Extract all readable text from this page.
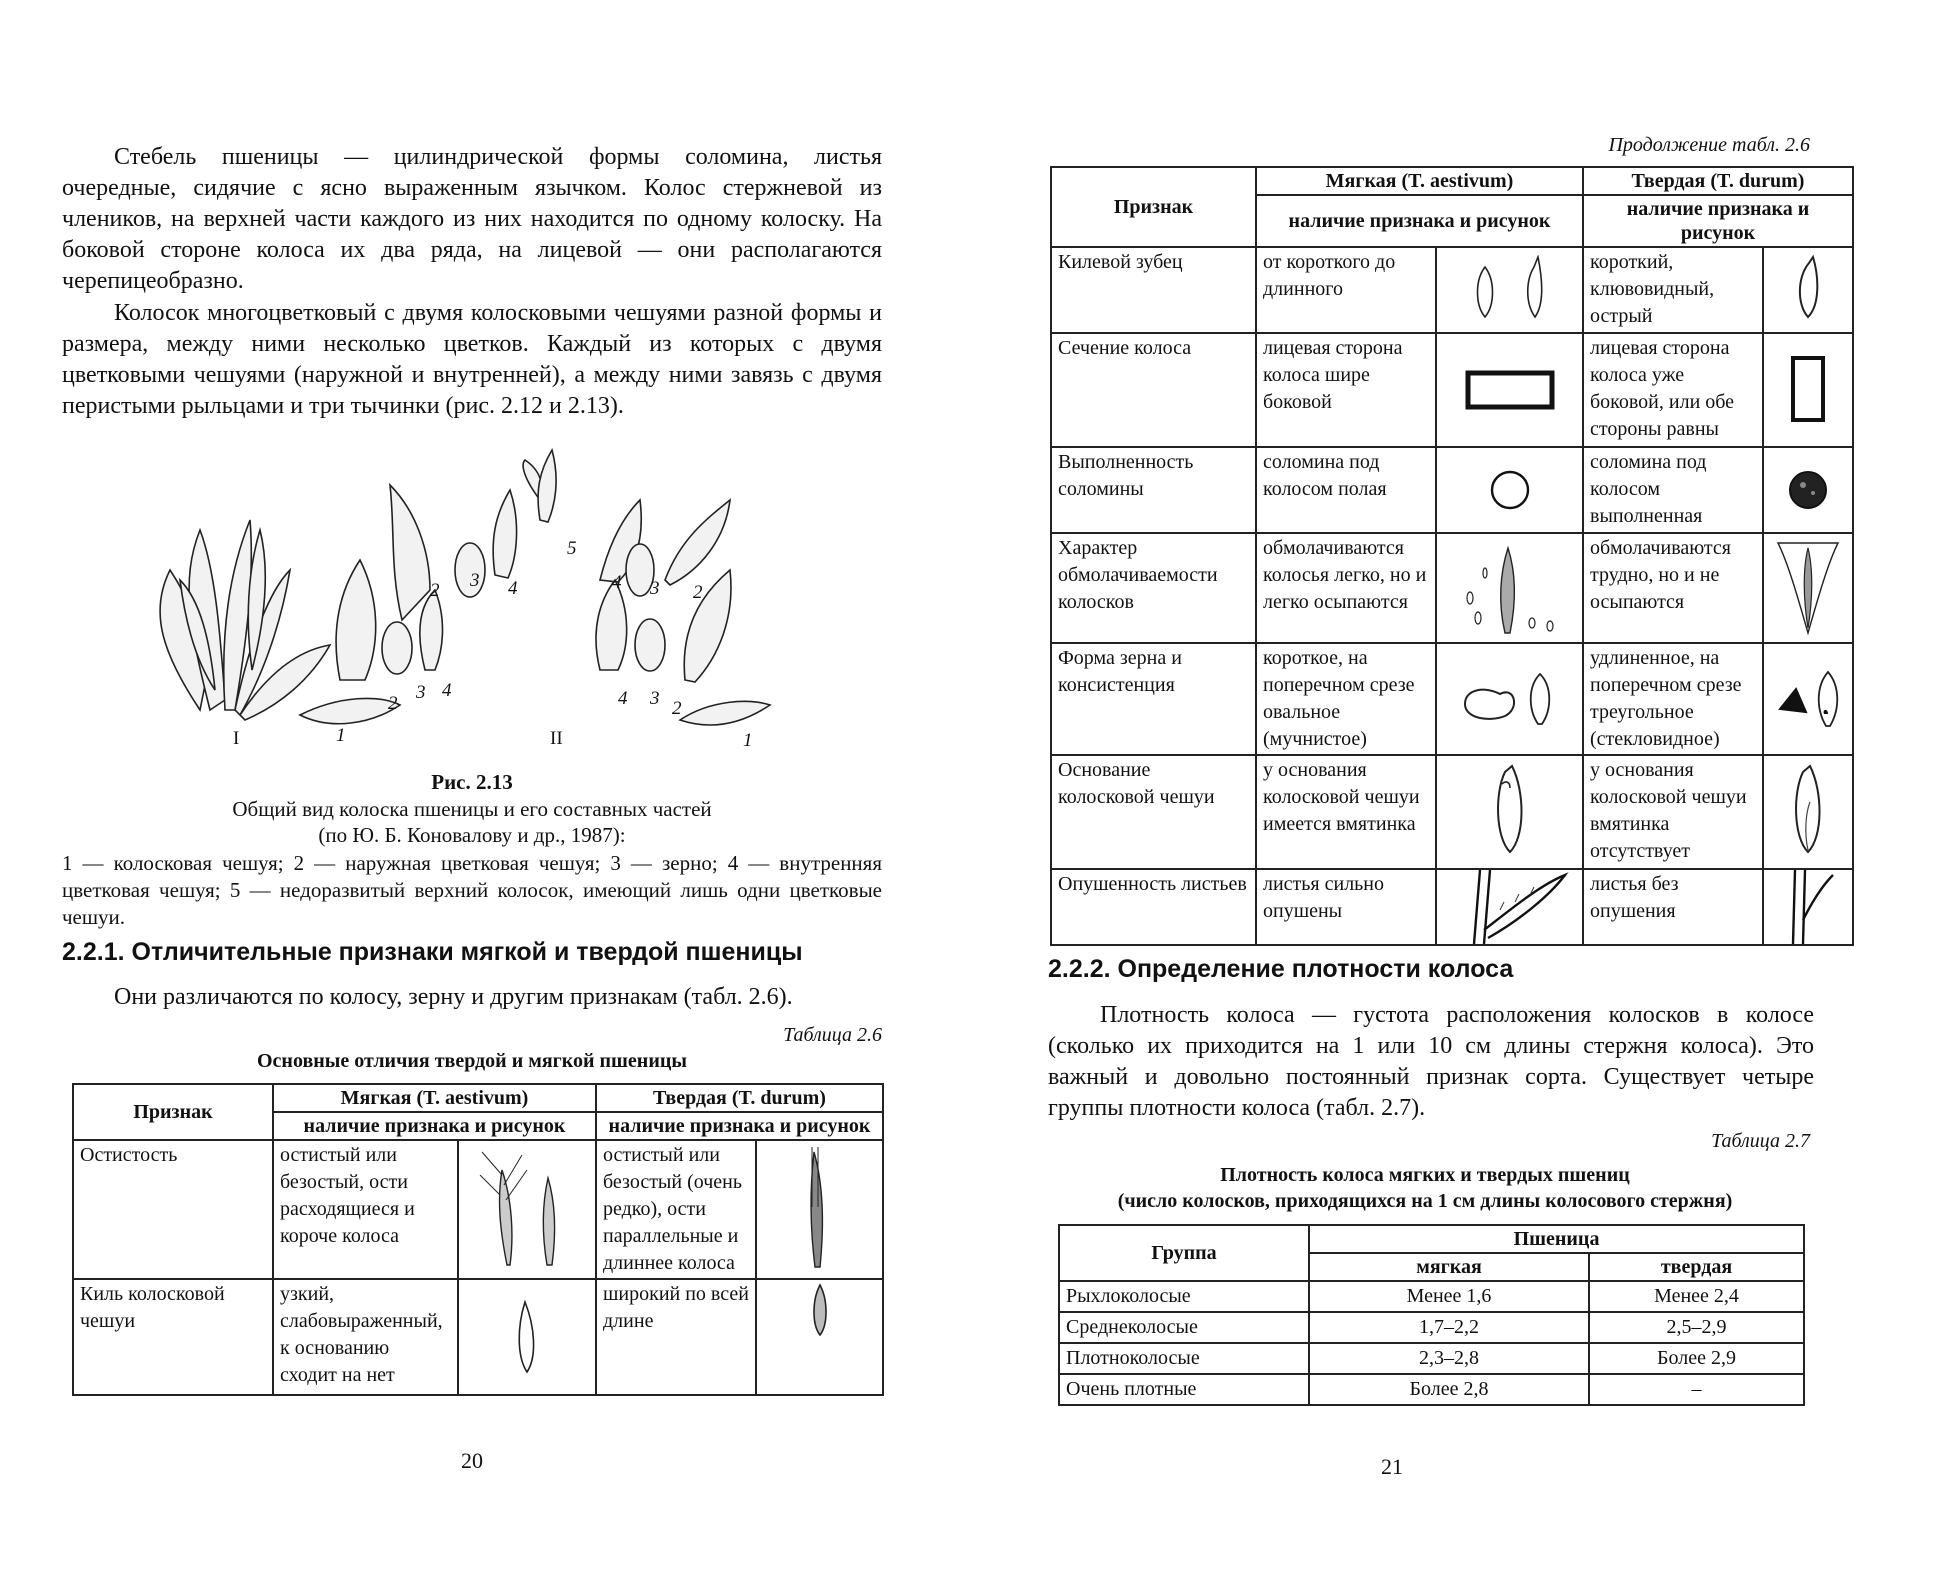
Стебель пшеницы — цилиндрической формы соломина, листья очередные, сидячие с ясно выраженным язычком. Колос стержневой из члеников, на верхней части каждого из них находится по одному колоску. На боковой стороне колоса их два ряда, на лицевой — они располагаются черепицеобразно.

Колосок многоцветковый с двумя колосковыми чешуями разной формы и размера, между ними несколько цветков. Каждый из которых с двумя цветковыми чешуями (наружной и внутренней), а между ними завязь с двумя перистыми рыльцами и три тычинки (рис. 2.12 и 2.13).

1
2
3 4
2 3 4
5
4 3 2
4 3 2
1
I	II
Рис. 2.13
Общий вид колоска пшеницы и его составных частей
(по Ю. Б. Коновалову и др., 1987):
1 — колосковая чешуя; 2 — наружная цветковая чешуя; 3 — зерно; 4 — внутренняя цветковая чешуя; 5 — недоразвитый верхний колосок, имеющий лишь одни цветковые чешуи.
2.2.1. Отличительные признаки мягкой и твердой пшеницы

Они различаются по колосу, зерну и другим признакам (табл. 2.6).

Таблица 2.6
Основные отличия твердой и мягкой пшеницы
Признак	Мягкая (T. aestivum)		Твердая (T. durum)	
	наличие признака и рисунок		наличие признака и рисунок	
Остистость	остистый или безостый, ости расходящиеся и короче колоса		остистый или безостый (очень редко), ости параллельные и длиннее колоса	

Киль колосковой чешуи	узкий, слабовыраженный, к основанию сходит на нет		широкий по всей длине	
20
Продолжение табл. 2.6
Признак	Мягкая (T. aestivum)		Твердая (T. durum)	
	наличие признака и рисунок		наличие признака и рисунок	
Килевой зубец	от короткого до длинного		короткий, клювовидный, острый	

Сечение колоса	лицевая сторона колоса шире боковой		лицевая сторона колоса уже боковой, или обе стороны равны	

Выполненность соломины	соломина под колосом полая		соломина под колосом выполненная	

Характер обмолачиваемости колосков	обмолачиваются колосья легко, но и легко осыпаются		обмолачиваются трудно, но и не осыпаются	

Форма зерна и консистенция	короткое, на поперечном срезе овальное (мучнистое)		удлиненное, на поперечном срезе треугольное (стекловидное)	

Основание колосковой чешуи	у основания колосковой чешуи имеется вмятинка		у основания колосковой чешуи вмятинка отсутствует	

Опушенность листьев	листья сильно опушены		листья без опушения	
2.2.2. Определение плотности колоса

Плотность колоса — густота расположения колосков в колосе (сколько их приходится на 1 или 10 см длины стержня колоса). Это важный и довольно постоянный признак сорта. Существует четыре группы плотности колоса (табл. 2.7).

Таблица 2.7
Плотность колоса мягких и твердых пшениц
(число колосков, приходящихся на 1 см длины колосового стержня)
Группа	Пшеница	
	мягкая	твердая
Рыхлоколосые	Менее 1,6	Менее 2,4
Среднеколосые	1,7–2,2	2,5–2,9
Плотноколосые	2,3–2,8	Более 2,9
Очень плотные	Более 2,8	–
21
